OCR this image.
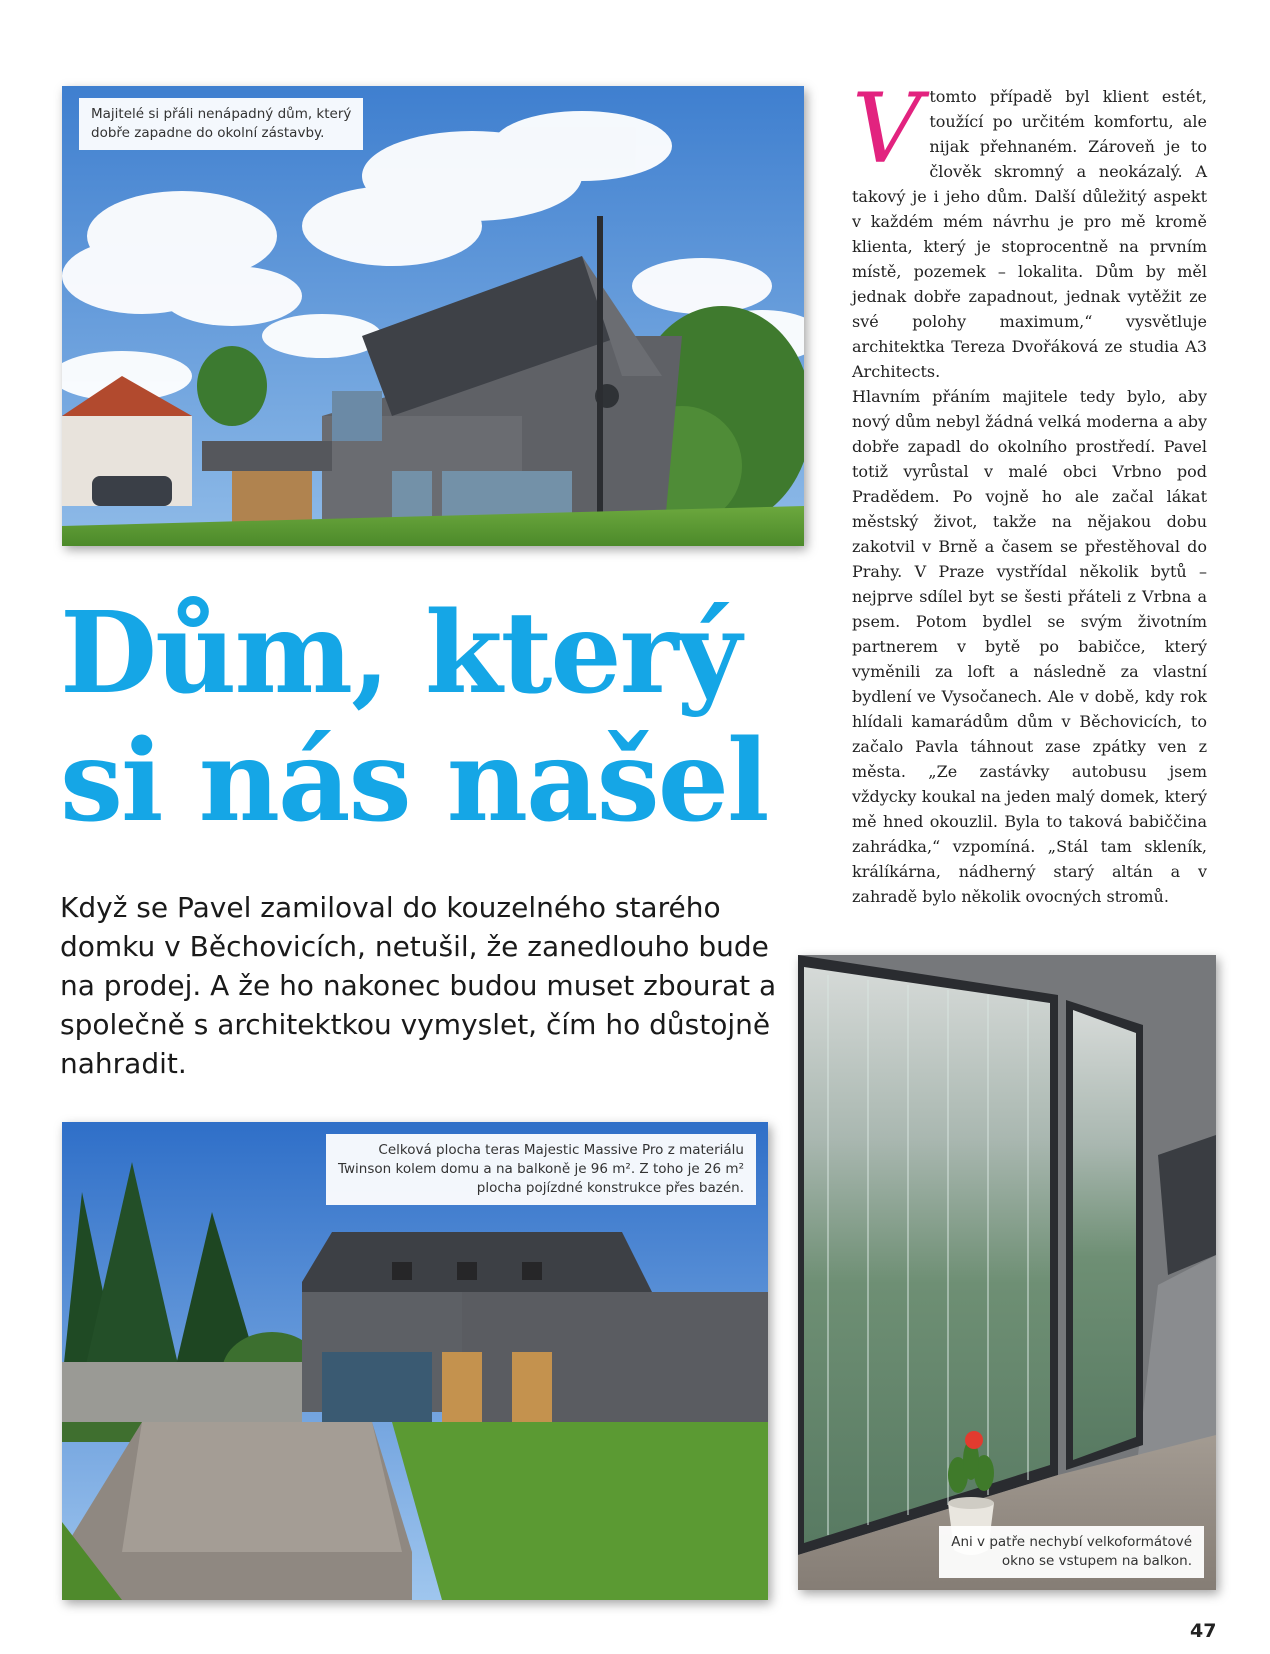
Majitelé si přáli nenápadný dům, který
dobře zapadne do okolní zástavby.
Dům, který si nás našel

Když se Pavel zamiloval do kouzelného starého domku v Běchovicích, netušil, že zanedlouho bude na prodej. A že ho nakonec budou muset zbourat a společně s architektkou vymyslet, čím ho důstojně nahradit.

Vtomto případě byl klient estét, toužící po určitém komfortu, ale nijak přehnaném. Zároveň je to člověk skromný a neokázalý. A takový je i jeho dům. Další důležitý aspekt v každém mém návrhu je pro mě kromě klienta, který je stoprocentně na prvním místě, pozemek – lokalita. Dům by měl jednak dobře zapadnout, jednak vytěžit ze své polohy maximum,“ vysvětluje architektka Tereza Dvořáková ze studia A3 Architects.

Hlavním přáním majitele tedy bylo, aby nový dům nebyl žádná velká moderna a aby dobře zapadl do okolního prostředí. Pavel totiž vyrůstal v malé obci Vrbno pod Pradědem. Po vojně ho ale začal lákat městský život, takže na nějakou dobu zakotvil v Brně a časem se přestěhoval do Prahy. V Praze vystřídal několik bytů – nejprve sdílel byt se šesti přáteli z Vrbna a psem. Potom bydlel se svým životním partnerem v bytě po babičce, který vyměnili za loft a následně za vlastní bydlení ve Vysočanech. Ale v době, kdy rok hlídali kamarádům dům v Běchovicích, to začalo Pavla táhnout zase zpátky ven z města. „Ze zastávky autobusu jsem vždycky koukal na jeden malý domek, který mě hned okouzlil. Byla to taková babiččina zahrádka,“ vzpomíná. „Stál tam skleník, králíkárna, nádherný starý altán a v zahradě bylo několik ovocných stromů.

Celková plocha teras Majestic Massive Pro z materiálu
Twinson kolem domu a na balkoně je 96 m². Z toho je 26 m²
plocha pojízdné konstrukce přes bazén.
Ani v patře nechybí velkoformátové
okno se vstupem na balkon.
47
